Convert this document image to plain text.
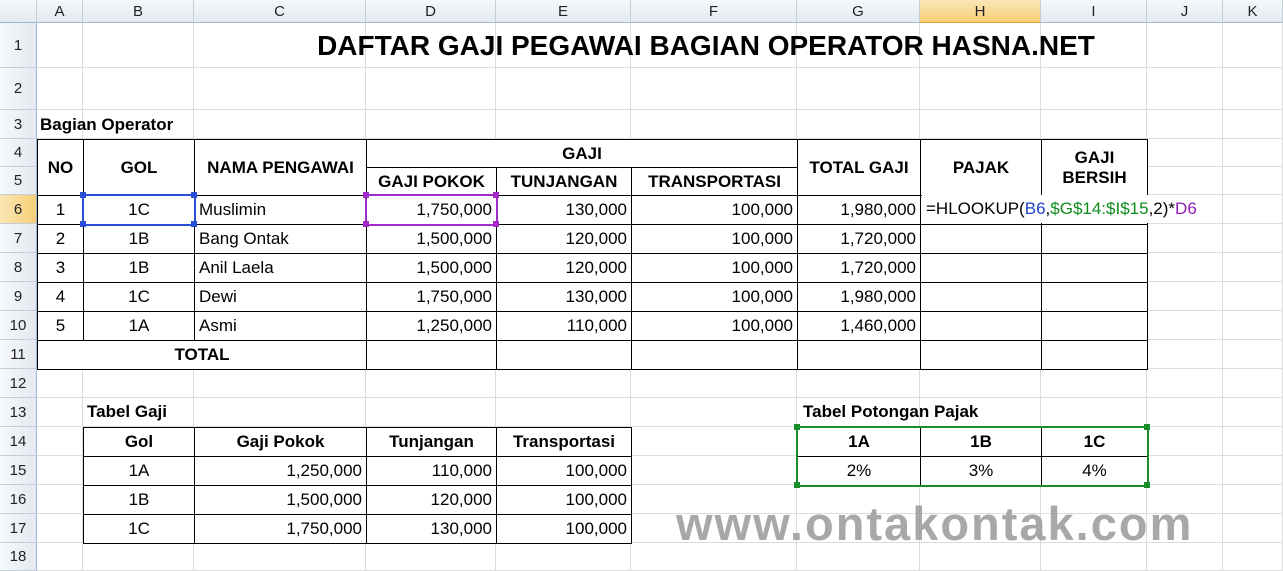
A	B	C	D	E	F	G	H	I	J	K
1
2
3
4
5
6
7
8
9
10
11
12
13
14
15
16
17
18
DAFTAR GAJI PEGAWAI BAGIAN OPERATOR HASNA.NET
Bagian Operator
NO	GOL	NAMA PENGAWAI
GAJI
GAJI POKOK	TUNJANGAN	TRANSPORTASI
TOTAL GAJI	PAJAK
GAJI
BERSIH
1	1C	Muslimin	1,750,000	130,000	100,000	1,980,000
2	1B	Bang Ontak	1,500,000	120,000	100,000	1,720,000
3	1B	Anil Laela	1,500,000	120,000	100,000	1,720,000
4	1C	Dewi	1,750,000	130,000	100,000	1,980,000
5	1A	Asmi	1,250,000	110,000	100,000	1,460,000
TOTAL
=HLOOKUP( B6 , $G$14:$I$15 ,2)* D6
Tabel Gaji
Gol	Gaji Pokok	Tunjangan	Transportasi
1A	1,250,000	110,000	100,000
1B	1,500,000	120,000	100,000
1C	1,750,000	130,000	100,000
Tabel Potongan Pajak
1A	1B	1C
2%	3%	4%
www.ontakontak.com
